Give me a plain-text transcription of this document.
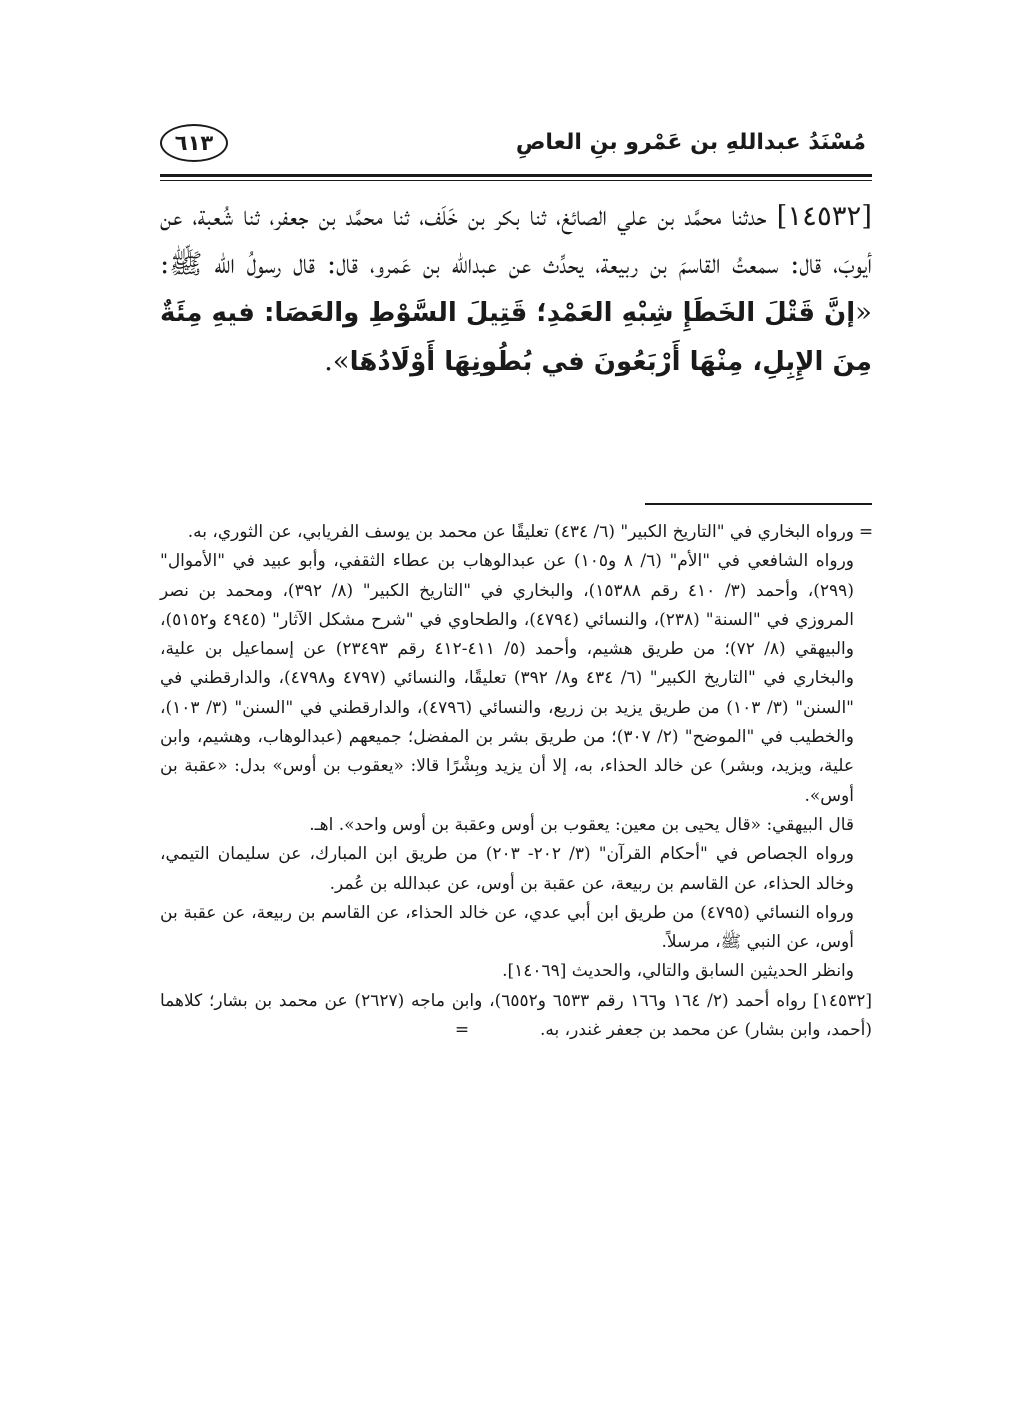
مُسْنَدُ عبداللهِ بن عَمْرو بنِ العاصِ
٦١٣
[١٤٥٣٢] حدثنا محمَّد بن علي الصائغ، ثنا بكر بن خَلَف، ثنا محمَّد بن جعفر، ثنا شُعبة، عن أيوبَ، قال: سمعتُ القاسمَ بن ربيعة، يحدِّث عن عبدالله بن عَمرو، قال: قال رسولُ الله ﷺ: «إنَّ قَتْلَ الخَطَإِ شِبْهِ العَمْدِ؛ قَتِيلَ السَّوْطِ والعَصَا: فيهِ مِئَةٌ مِنَ الإِبِلِ، مِنْهَا أَرْبَعُونَ في بُطُونِهَا أَوْلَادُهَا».
=

ورواه البخاري في "التاريخ الكبير" (٦/ ٤٣٤) تعليقًا عن محمد بن يوسف الفريابي، عن الثوري، به.

ورواه الشافعي في "الأم" (٦/ ٨ و١٠٥) عن عبدالوهاب بن عطاء الثقفي، وأبو عبيد في "الأموال" (٢٩٩)، وأحمد (٣/ ٤١٠ رقم ١٥٣٨٨)، والبخاري في "التاريخ الكبير" (٨/ ٣٩٢)، ومحمد بن نصر المروزي في "السنة" (٢٣٨)، والنسائي (٤٧٩٤)، والطحاوي في "شرح مشكل الآثار" (٤٩٤٥ و٥١٥٢)، والبيهقي (٨/ ٧٢)؛ من طريق هشيم، وأحمد (٥/ ٤١١-٤١٢ رقم ٢٣٤٩٣) عن إسماعيل بن علية، والبخاري في "التاريخ الكبير" (٦/ ٤٣٤ و٨/ ٣٩٢) تعليقًا، والنسائي (٤٧٩٧ و٤٧٩٨)، والدارقطني في "السنن" (٣/ ١٠٣) من طريق يزيد بن زريع، والنسائي (٤٧٩٦)، والدارقطني في "السنن" (٣/ ١٠٣)، والخطيب في "الموضح" (٢/ ٣٠٧)؛ من طريق بشر بن المفضل؛ جميعهم (عبدالوهاب، وهشيم، وابن علية، ويزيد، وبشر) عن خالد الحذاء، به، إلا أن يزيد وبِشْرًا قالا: «يعقوب بن أوس» بدل: «عقبة بن أوس».

قال البيهقي: «قال يحيى بن معين: يعقوب بن أوس وعقبة بن أوس واحد». اهـ.

ورواه الجصاص في "أحكام القرآن" (٣/ ٢٠٢- ٢٠٣) من طريق ابن المبارك، عن سليمان التيمي، وخالد الحذاء، عن القاسم بن ربيعة، عن عقبة بن أوس، عن عبدالله بن عُمر.

ورواه النسائي (٤٧٩٥) من طريق ابن أبي عدي، عن خالد الحذاء، عن القاسم بن ربيعة، عن عقبة بن أوس، عن النبي ﷺ، مرسلاً.

وانظر الحديثين السابق والتالي، والحديث [١٤٠٦٩].

[١٤٥٣٢] رواه أحمد (٢/ ١٦٤ و١٦٦ رقم ٦٥٣٣ و٦٥٥٢)، وابن ماجه (٢٦٢٧) عن محمد بن بشار؛ كلاهما (أحمد، وابن بشار) عن محمد بن جعفر غندر، به.  =
